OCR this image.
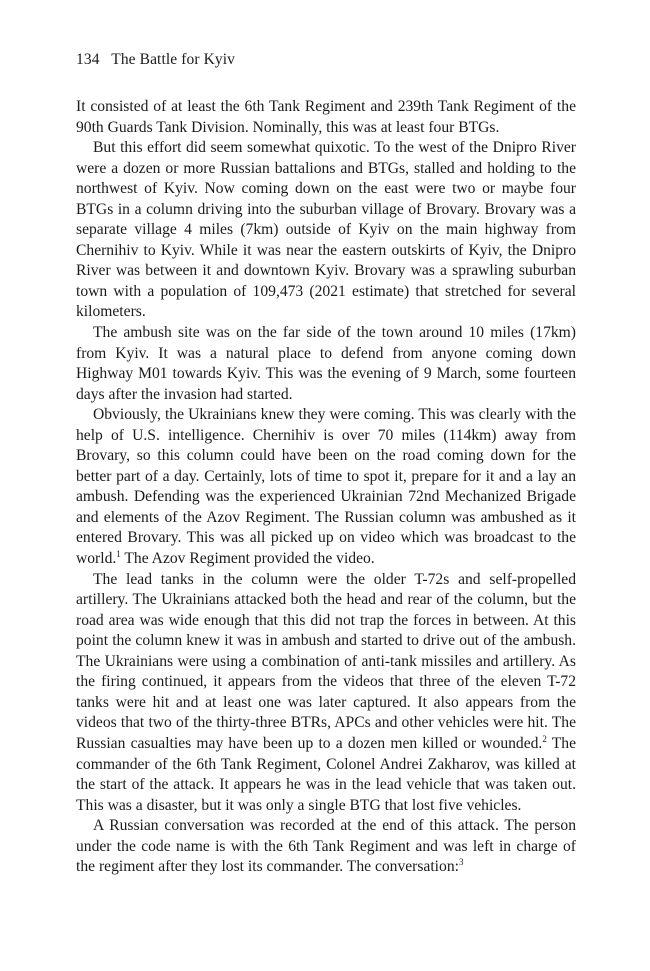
134 The Battle for Kyiv

It consisted of at least the 6th Tank Regiment and 239th Tank Regiment of the 90th Guards Tank Division. Nominally, this was at least four BTGs.

But this effort did seem somewhat quixotic. To the west of the Dnipro River were a dozen or more Russian battalions and BTGs, stalled and holding to the northwest of Kyiv. Now coming down on the east were two or maybe four BTGs in a column driving into the suburban village of Brovary. Brovary was a separate village 4 miles (7km) outside of Kyiv on the main highway from Chernihiv to Kyiv. While it was near the eastern outskirts of Kyiv, the Dnipro River was between it and downtown Kyiv. Brovary was a sprawling suburban town with a population of 109,473 (2021 estimate) that stretched for several kilometers.

The ambush site was on the far side of the town around 10 miles (17km) from Kyiv. It was a natural place to defend from anyone coming down Highway M01 towards Kyiv. This was the evening of 9 March, some fourteen days after the invasion had started.

Obviously, the Ukrainians knew they were coming. This was clearly with the help of U.S. intelligence. Chernihiv is over 70 miles (114km) away from Brovary, so this column could have been on the road coming down for the better part of a day. Certainly, lots of time to spot it, prepare for it and a lay an ambush. Defending was the experienced Ukrainian 72nd Mechanized Brigade and elements of the Azov Regiment. The Russian column was ambushed as it entered Brovary. This was all picked up on video which was broadcast to the world.$^1$ The Azov Regiment provided the video.

The lead tanks in the column were the older T-72s and self-propelled artillery. The Ukrainians attacked both the head and rear of the column, but the road area was wide enough that this did not trap the forces in between. At this point the column knew it was in ambush and started to drive out of the ambush. The Ukrainians were using a combination of anti-tank missiles and artillery. As the firing continued, it appears from the videos that three of the eleven T-72 tanks were hit and at least one was later captured. It also appears from the videos that two of the thirty-three BTRs, APCs and other vehicles were hit. The Russian casualties may have been up to a dozen men killed or wounded.$^2$ The commander of the 6th Tank Regiment, Colonel Andrei Zakharov, was killed at the start of the attack. It appears he was in the lead vehicle that was taken out. This was a disaster, but it was only a single BTG that lost five vehicles.

A Russian conversation was recorded at the end of this attack. The person under the code name is with the 6th Tank Regiment and was left in charge of the regiment after they lost its commander. The conversation:$^3$
